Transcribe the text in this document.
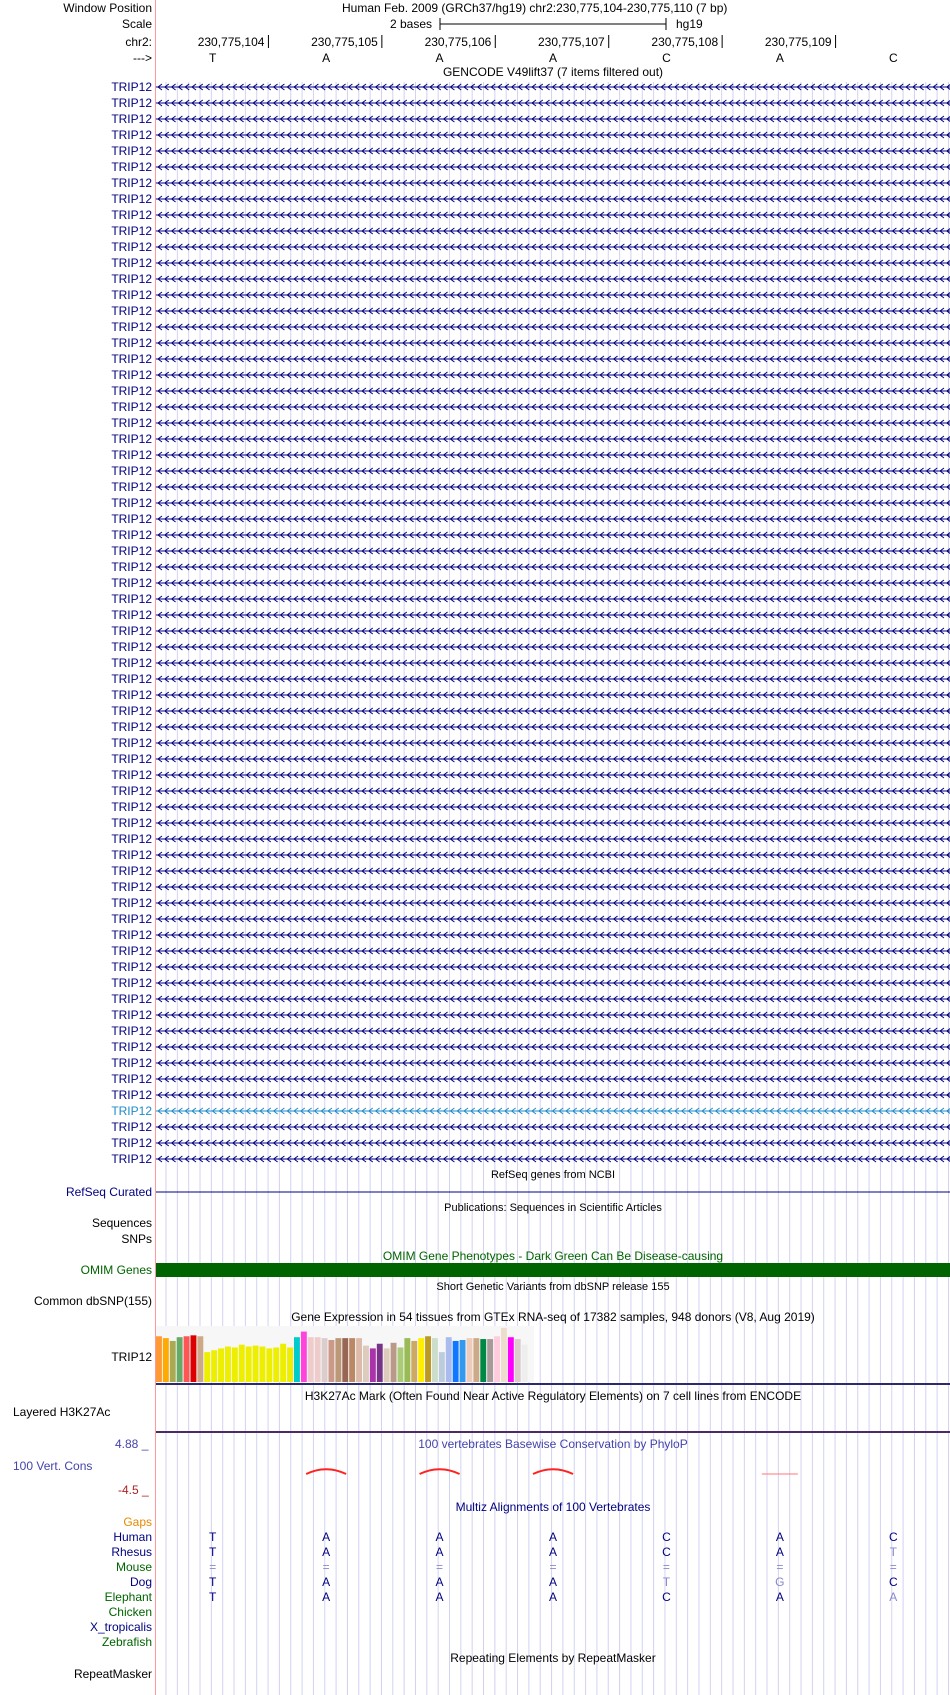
Window Position	Human Feb. 2009 (GRCh37/hg19) chr2:230,775,104-230,775,110 (7 bp)
Scale	2 bases	hg19
chr2:
--->
230,775,104	230,775,105	230,775,106	230,775,107	230,775,108	230,775,109
T	A	A	A	C	A	C
GENCODE V49lift37 (7 items filtered out)
TRIP12
TRIP12
TRIP12
TRIP12
TRIP12
TRIP12
TRIP12
TRIP12
TRIP12
TRIP12
TRIP12
TRIP12
TRIP12
TRIP12
TRIP12
TRIP12
TRIP12
TRIP12
TRIP12
TRIP12
TRIP12
TRIP12
TRIP12
TRIP12
TRIP12
TRIP12
TRIP12
TRIP12
TRIP12
TRIP12
TRIP12
TRIP12
TRIP12
TRIP12
TRIP12
TRIP12
TRIP12
TRIP12
TRIP12
TRIP12
TRIP12
TRIP12
TRIP12
TRIP12
TRIP12
TRIP12
TRIP12
TRIP12
TRIP12
TRIP12
TRIP12
TRIP12
TRIP12
TRIP12
TRIP12
TRIP12
TRIP12
TRIP12
TRIP12
TRIP12
TRIP12
TRIP12
TRIP12
TRIP12
TRIP12
TRIP12
TRIP12
TRIP12
RefSeq genes from NCBI
RefSeq Curated
Publications: Sequences in Scientific Articles
Sequences
SNPs
OMIM Gene Phenotypes - Dark Green Can Be Disease-causing
OMIM Genes
Short Genetic Variants from dbSNP release 155
Common dbSNP(155)
Gene Expression in 54 tissues from GTEx RNA-seq of 17382 samples, 948 donors (V8, Aug 2019)
TRIP12
H3K27Ac Mark (Often Found Near Active Regulatory Elements) on 7 cell lines from ENCODE
Layered H3K27Ac
100 vertebrates Basewise Conservation by PhyloP
4.88 _
100 Vert. Cons
-4.5 _
Multiz Alignments of 100 Vertebrates
Gaps
Human	T	A	A	A	C	A	C
Rhesus	T	A	A	A	C	A	T
Mouse	=	=	=	=	=	=	=
Dog	T	A	A	A	T	G	C
Elephant	T	A	A	A	C	A	A
Chicken
X_tropicalis
Zebrafish
Repeating Elements by RepeatMasker
RepeatMasker
